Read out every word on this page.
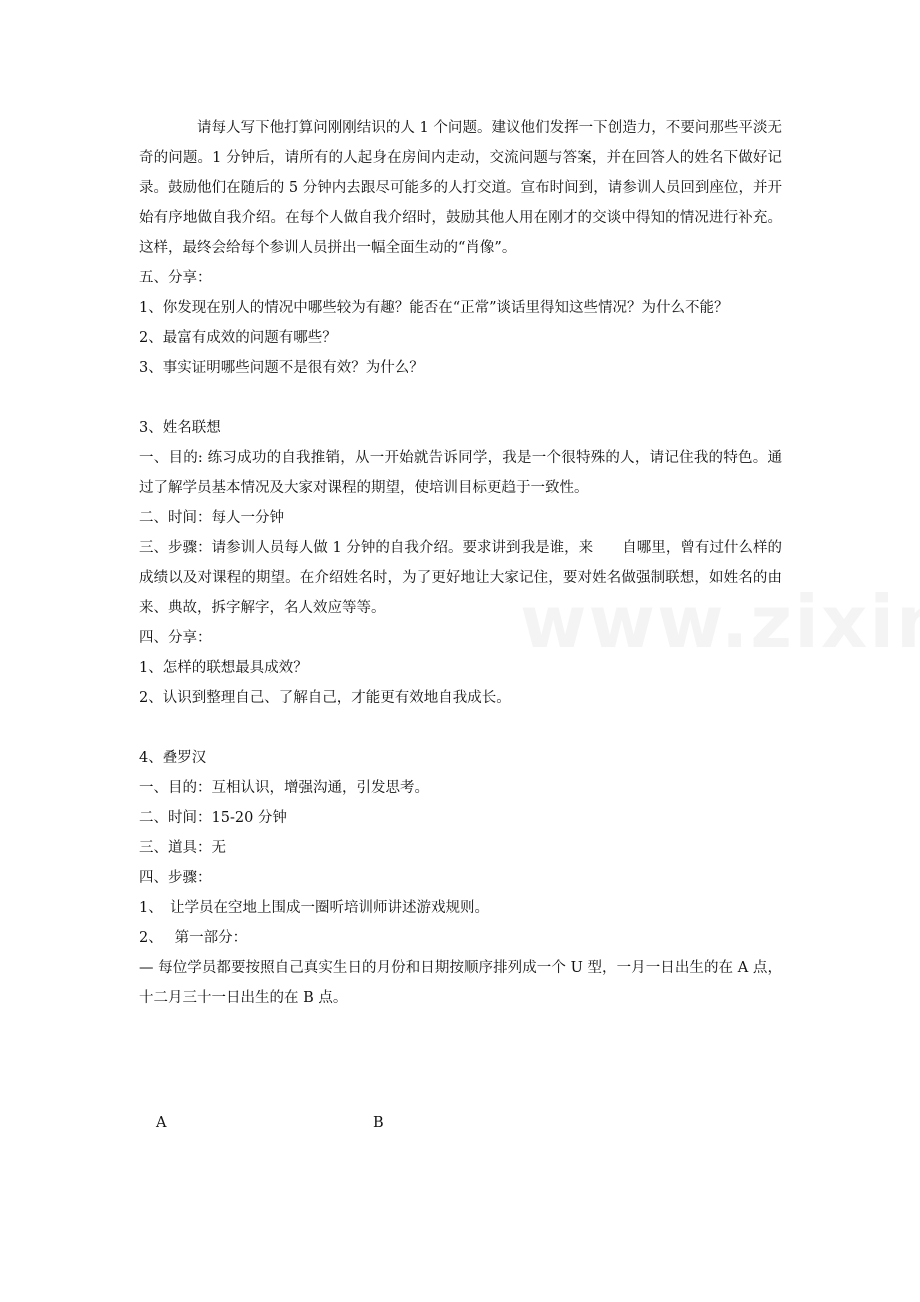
请每人写下他打算问刚刚结识的人 1 个问题。建议他们发挥一下创造力，不要问那些平淡无奇的问题。1 分钟后，请所有的人起身在房间内走动，交流问题与答案，并在回答人的姓名下做好记录。鼓励他们在随后的 5 分钟内去跟尽可能多的人打交道。宣布时间到，请参训人员回到座位，并开始有序地做自我介绍。在每个人做自我介绍时，鼓励其他人用在刚才的交谈中得知的情况进行补充。这样，最终会给每个参训人员拼出一幅全面生动的“肖像”。

五、分享：

1、你发现在别人的情况中哪些较为有趣？能否在“正常”谈话里得知这些情况？为什么不能？

2、最富有成效的问题有哪些？

3、事实证明哪些问题不是很有效？为什么？

3、姓名联想

一、目的: 练习成功的自我推销，从一开始就告诉同学，我是一个很特殊的人，请记住我的特色。通过了解学员基本情况及大家对课程的期望，使培训目标更趋于一致性。

二、时间：每人一分钟

三、步骤：请参训人员每人做 1 分钟的自我介绍。要求讲到我是谁，来　　自哪里，曾有过什么样的成绩以及对课程的期望。在介绍姓名时，为了更好地让大家记住，要对姓名做强制联想，如姓名的由来、典故，拆字解字，名人效应等等。

四、分享：

1、怎样的联想最具成效？

2、认识到整理自己、了解自己，才能更有效地自我成长。

4、叠罗汉

一、目的：互相认识，增强沟通，引发思考。

二、时间：15-20 分钟

三、道具：无

四、步骤：

1、　让学员在空地上围成一圈听培训师讲述游戏规则。

2、　 第一部分：

— 每位学员都要按照自己真实生日的月份和日期按顺序排列成一个 U 型，一月一日出生的在 A 点，十二月三十一日出生的在 B 点。

A	B
